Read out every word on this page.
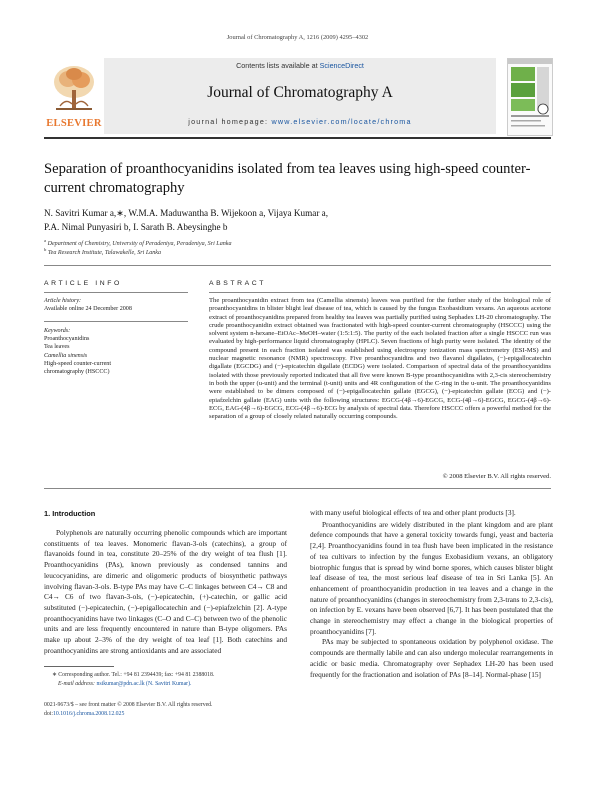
Journal of Chromatography A, 1216 (2009) 4295–4302
ELSEVIER
Contents lists available at ScienceDirect
Journal of Chromatography A
journal homepage: www.elsevier.com/locate/chroma
Separation of proanthocyanidins isolated from tea leaves using high-speed counter-current chromatography
N. Savitri Kumar a,∗, W.M.A. Maduwantha B. Wijekoon a, Vijaya Kumar a,
P.A. Nimal Punyasiri b, I. Sarath B. Abeysinghe b
$^a$ Department of Chemistry, University of Peradeniya, Peradeniya, Sri Lanka
$^b$ Tea Research Institute, Talawakelle, Sri Lanka
ARTICLE INFO
Article history:
Available online 24 December 2008
Keywords:
Proanthocyanidins
Tea leaves
Camellia sinensis
High-speed counter-current
chromatography (HSCCC)
ABSTRACT
The proanthocyanidin extract from tea (Camellia sinensis) leaves was purified for the further study of the biological role of proanthocyanidins in blister blight leaf disease of tea, which is caused by the fungus Exobasidium vexans. An aqueous acetone extract of proanthocyanidins prepared from healthy tea leaves was partially purified using Sephadex LH-20 chromatography. The crude proanthocyanidin extract obtained was fractionated with high-speed counter-current chromatography (HSCCC) using the solvent system n-hexane–EtOAc–MeOH–water (1:5:1:5). The purity of the each isolated fraction after a single HSCCC run was evaluated by high-performance liquid chromatography (HPLC). Seven fractions of high purity were isolated. The identity of the compound present in each fraction isolated was established using electrospray ionization mass spectrometry (ESI-MS) and nuclear magnetic resonance (NMR) spectroscopy. Five proanthocyanidins and two flavanol digallates, (−)-epigallocatechin digallate (EGCDG) and (−)-epicatechin digallate (ECDG) were isolated. Comparison of spectral data of the proanthocyanidins isolated with those previously reported indicated that all five were known B-type proanthocyanidins with 2,3-cis stereochemistry in both the upper (u-unit) and the terminal (t-unit) units and 4R configuration of the C-ring in the u-unit. The proanthocyanidins were established to be dimers composed of (−)-epigallocatechin gallate (EGCG), (−)-epicatechin gallate (ECG) and (−)-epiafzelchin gallate (EAG) units with the following structures: EGCG-(4β→6)-EGCG, ECG-(4β→6)-EGCG, EGCG-(4β→6)-ECG, EAG-(4β→6)-EGCG, ECG-(4β→6)-ECG by analysis of spectral data. Therefore HSCCC offers a powerful method for the separation of a group of closely related naturally occurring compounds.
© 2008 Elsevier B.V. All rights reserved.
1. Introduction

Polyphenols are naturally occurring phenolic compounds which are important constituents of tea leaves. Monomeric flavan-3-ols (catechins), a group of flavanoids found in tea, constitute 20–25% of the dry weight of tea flush [1]. Proanthocyanidins (PAs), known previously as condensed tannins and leucocyanidins, are dimeric and oligomeric products of biosynthetic pathways involving flavan-3-ols. B-type PAs may have C–C linkages between C4→ C8 and C4→ C6 of two flavan-3-ols, (−)-epicatechin, (+)-catechin, or gallic acid substituted (−)-epicatechin, (−)-epigallocatechin and (−)-epiafzelchin [2]. A-type proanthocyanidins have two linkages (C–O and C–C) between two of the phenolic units and are less frequently encountered in nature than B-type oligomers. PAs make up about 2–3% of the dry weight of tea leaf [1]. Both catechins and proanthocyanidins are strong antioxidants and are associated

with many useful biological effects of tea and other plant products [3].

Proanthocyanidins are widely distributed in the plant kingdom and are plant defence compounds that have a general toxicity towards fungi, yeast and bacteria [2,4]. Proanthocyanidins found in tea flush have been implicated in the resistance of tea cultivars to infection by the fungus Exobasidium vexans, an obligatory biotrophic fungus that is spread by wind borne spores, which causes blister blight leaf disease of tea, the most serious leaf disease of tea in Sri Lanka [5]. An enhancement of proanthocyanidin production in tea leaves and a change in the nature of proanthocyanidins (changes in stereochemistry from 2,3-trans to 2,3-cis), on infection by E. vexans have been observed [6,7]. It has been postulated that the change in stereochemistry may effect a change in the biological properties of proanthocyanidins [7].

PAs may be subjected to spontaneous oxidation by polyphenol oxidase. The compounds are thermally labile and can also undergo molecular rearrangements in acidic or basic media. Chromatography over Sephadex LH-20 has been used frequently for the fractionation and isolation of PAs [8–14]. Normal-phase [15]

∗ Corresponding author. Tel.: +94 81 2394439; fax: +94 81 2388018.
E-mail address: nsikumar@pdn.ac.lk (N. Savitri Kumar).
0021-9673/$ – see front matter © 2008 Elsevier B.V. All rights reserved.
doi:10.1016/j.chroma.2008.12.025
